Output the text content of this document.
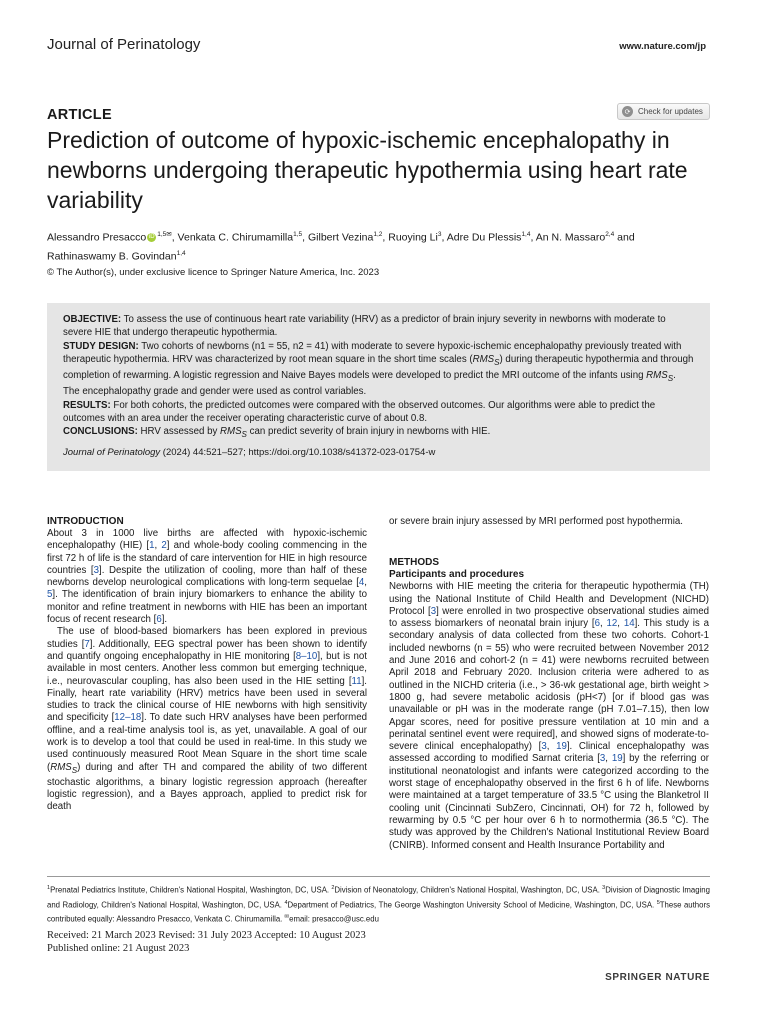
Journal of Perinatology	www.nature.com/jp
ARTICLE	⟳ Check for updates
Prediction of outcome of hypoxic-ischemic encephalopathy in newborns undergoing therapeutic hypothermia using heart rate variability
Alessandro Presacco iD $^{1,5✉}$, Venkata C. Chirumamilla$^{1,5}$, Gilbert Vezina$^{1,2}$, Ruoying Li$^3$, Adre Du Plessis$^{1,4}$, An N. Massaro$^{2,4}$ and
Rathinaswamy B. Govindan$^{1,4}$
© The Author(s), under exclusive licence to Springer Nature America, Inc. 2023

OBJECTIVE: To assess the use of continuous heart rate variability (HRV) as a predictor of brain injury severity in newborns with moderate to severe HIE that undergo therapeutic hypothermia.

STUDY DESIGN: Two cohorts of newborns (n1 = 55, n2 = 41) with moderate to severe hypoxic-ischemic encephalopathy previously treated with therapeutic hypothermia. HRV was characterized by root mean square in the short time scales $(RMS_S)$ during therapeutic hypothermia and through completion of rewarming. A logistic regression and Naive Bayes models were developed to predict the MRI outcome of the infants using $RMS_S$. The encephalopathy grade and gender were used as control variables.

RESULTS: For both cohorts, the predicted outcomes were compared with the observed outcomes. Our algorithms were able to predict the outcomes with an area under the receiver operating characteristic curve of about 0.8.

CONCLUSIONS: HRV assessed by $RMS_S$ can predict severity of brain injury in newborns with HIE.

Journal of Perinatology (2024) 44:521–527; https://doi.org/10.1038/s41372-023-01754-w

INTRODUCTION

About 3 in 1000 live births are affected with hypoxic-ischemic encephalopathy (HIE) [1, 2] and whole-body cooling commencing in the first 72 h of life is the standard of care intervention for HIE in high resource countries [3]. Despite the utilization of cooling, more than half of these newborns develop neurological complications with long-term sequelae [4, 5]. The identification of brain injury biomarkers to enhance the ability to monitor and refine treatment in newborns with HIE has been an important focus of recent research [6].

The use of blood-based biomarkers has been explored in previous studies [7]. Additionally, EEG spectral power has been shown to identify and quantify ongoing encephalopathy in HIE monitoring [8–10], but is not available in most centers. Another less common but emerging technique, i.e., neurovascular coupling, has also been used in the HIE setting [11]. Finally, heart rate variability (HRV) metrics have been used in several studies to track the clinical course of HIE newborns with high sensitivity and specificity [12–18]. To date such HRV analyses have been performed offline, and a real-time analysis tool is, as yet, unavailable. A goal of our work is to develop a tool that could be used in real-time. In this study we used continuously measured Root Mean Square in the short time scale $(RMS_S)$ during and after TH and compared the ability of two different stochastic algorithms, a binary logistic regression approach (hereafter logistic regression), and a Bayes approach, applied to predict risk for death

or severe brain injury assessed by MRI performed post hypothermia.

METHODS
Participants and procedures

Newborns with HIE meeting the criteria for therapeutic hypothermia (TH) using the National Institute of Child Health and Development (NICHD) Protocol [3] were enrolled in two prospective observational studies aimed to assess biomarkers of neonatal brain injury [6, 12, 14]. This study is a secondary analysis of data collected from these two cohorts. Cohort-1 included newborns (n = 55) who were recruited between November 2012 and June 2016 and cohort-2 (n = 41) were newborns recruited between April 2018 and February 2020. Inclusion criteria were adhered to as outlined in the NICHD criteria (i.e., > 36-wk gestational age, birth weight > 1800 g, had severe metabolic acidosis (pH<7) [or if blood gas was unavailable or pH was in the moderate range (pH 7.01–7.15), then low Apgar scores, need for positive pressure ventilation at 10 min and a perinatal sentinel event were required], and showed signs of moderate-to-severe clinical encephalopathy) [3, 19]. Clinical encephalopathy was assessed according to modified Sarnat criteria [3, 19] by the referring or institutional neonatologist and infants were categorized according to the worst stage of encephalopathy observed in the first 6 h of life. Newborns were maintained at a target temperature of 33.5 °C using the Blanketrol II cooling unit (Cincinnati SubZero, Cincinnati, OH) for 72 h, followed by rewarming by 0.5 °C per hour over 6 h to normothermia (36.5 °C). The study was approved by the Children's National Institutional Review Board (CNIRB). Informed consent and Health Insurance Portability and

$^1$Prenatal Pediatrics Institute, Children's National Hospital, Washington, DC, USA. $^2$Division of Neonatology, Children's National Hospital, Washington, DC, USA. $^3$Division of Diagnostic Imaging and Radiology, Children's National Hospital, Washington, DC, USA. $^4$Department of Pediatrics, The George Washington University School of Medicine, Washington, DC, USA. $^5$These authors contributed equally: Alessandro Presacco, Venkata C. Chirumamilla. ✉email: presacco@usc.edu
Received: 21 March 2023 Revised: 31 July 2023 Accepted: 10 August 2023
Published online: 21 August 2023
SPRINGER NATURE
